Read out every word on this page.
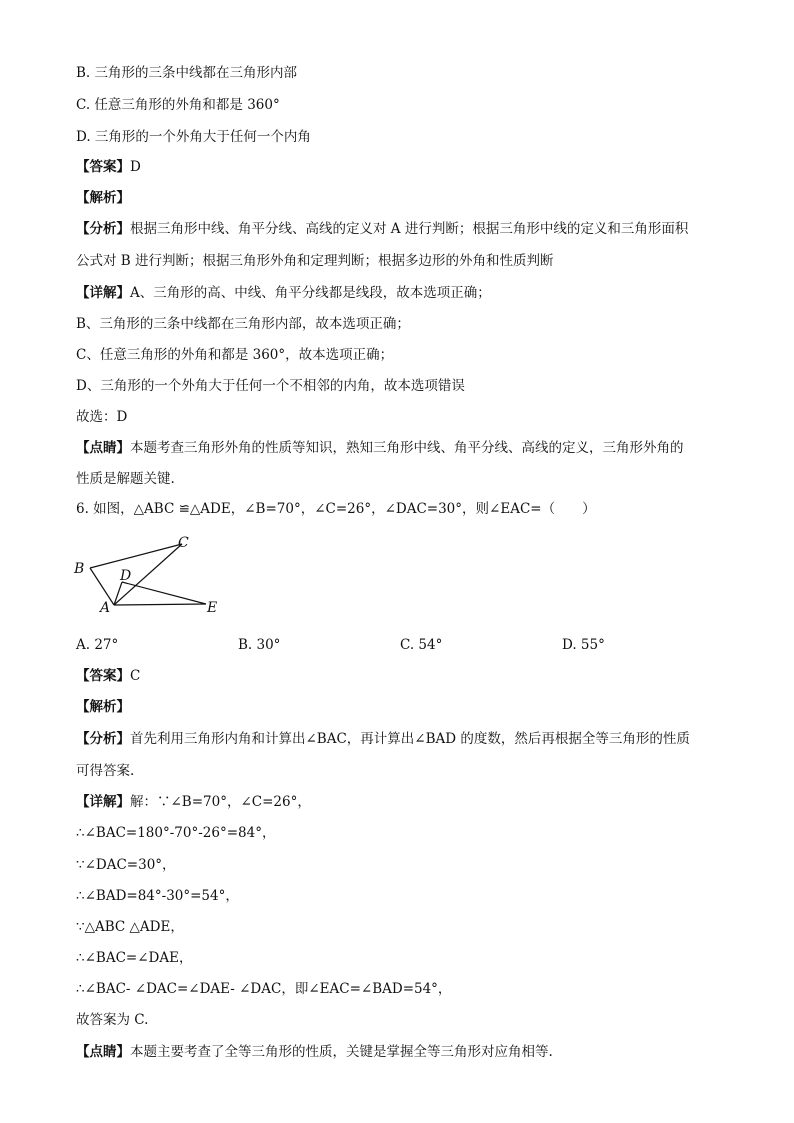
B. 三角形的三条中线都在三角形内部
C. 任意三角形的外角和都是 360°
D. 三角形的一个外角大于任何一个内角
【答案】D
【解析】
【分析】根据三角形中线、角平分线、高线的定义对 A 进行判断；根据三角形中线的定义和三角形面积
公式对 B 进行判断；根据三角形外角和定理判断；根据多边形的外角和性质判断
【详解】A、三角形的高、中线、角平分线都是线段，故本选项正确；
B、三角形的三条中线都在三角形内部，故本选项正确；
C、任意三角形的外角和都是 360°，故本选项正确；
D、三角形的一个外角大于任何一个不相邻的内角，故本选项错误
故选：D
【点睛】本题考查三角形外角的性质等知识，熟知三角形中线、角平分线、高线的定义，三角形外角的
性质是解题关键.
6. 如图，△ABC ≌△ADE，∠B=70°，∠C=26°，∠DAC=30°，则∠EAC=（　　）
B
C
D
A	E
A. 27°	B. 30°	C. 54°	D. 55°
【答案】C
【解析】
【分析】首先利用三角形内角和计算出∠BAC，再计算出∠BAD 的度数，然后再根据全等三角形的性质
可得答案.
【详解】解：∵∠B=70°，∠C=26°，
∴∠BAC=180°-70°-26°=84°，
∵∠DAC=30°，
∴∠BAD=84°-30°=54°，
∵△ABC △ADE，
∴∠BAC=∠DAE，
∴∠BAC- ∠DAC=∠DAE- ∠DAC，即∠EAC=∠BAD=54°，
故答案为 C.
【点睛】本题主要考查了全等三角形的性质，关键是掌握全等三角形对应角相等.
